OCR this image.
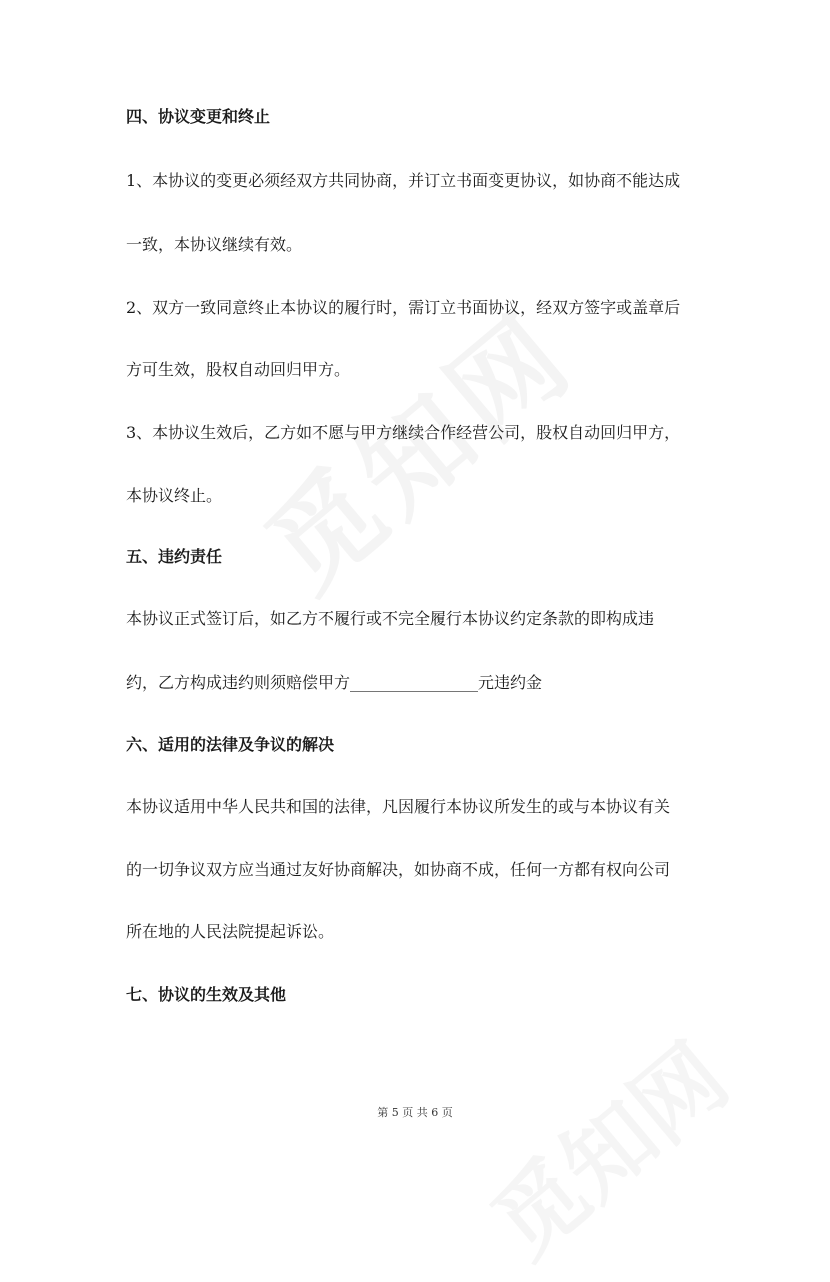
四、协议变更和终止
1、本协议的变更必须经双方共同协商，并订立书面变更协议，如协商不能达成
一致，本协议继续有效。
2、双方一致同意终止本协议的履行时，需订立书面协议，经双方签字或盖章后
方可生效，股权自动回归甲方。
3、本协议生效后，乙方如不愿与甲方继续合作经营公司，股权自动回归甲方，
本协议终止。
五、违约责任
本协议正式签订后，如乙方不履行或不完全履行本协议约定条款的即构成违
约，乙方构成违约则须赔偿甲方________________元违约金
六、适用的法律及争议的解决
本协议适用中华人民共和国的法律，凡因履行本协议所发生的或与本协议有关
的一切争议双方应当通过友好协商解决，如协商不成，任何一方都有权向公司
所在地的人民法院提起诉讼。
七、协议的生效及其他
第 5 页 共 6 页
